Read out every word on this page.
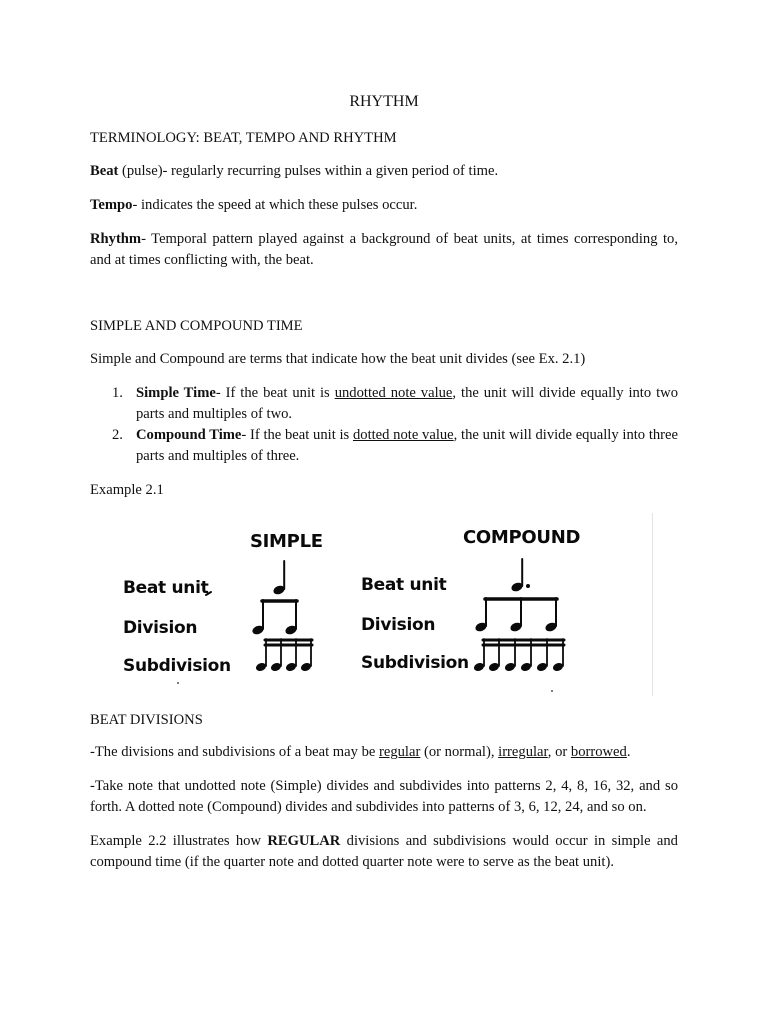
RHYTHM
TERMINOLOGY: BEAT, TEMPO AND RHYTHM
Beat (pulse)- regularly recurring pulses within a given period of time.
Tempo- indicates the speed at which these pulses occur.
Rhythm- Temporal pattern played against a background of beat units, at times corresponding to, and at times conflicting with, the beat.
SIMPLE AND COMPOUND TIME
Simple and Compound are terms that indicate how the beat unit divides (see Ex. 2.1)
1. Simple Time- If the beat unit is undotted note value, the unit will divide equally into two parts and multiples of two.
2. Compound Time- If the beat unit is dotted note value, the unit will divide equally into three parts and multiples of three.
Example 2.1
SIMPLE	COMPOUND
Beat unit
Division
Subdivision
Beat unit
Division
Subdivision
BEAT DIVISIONS
-The divisions and subdivisions of a beat may be regular (or normal), irregular, or borrowed.
-Take note that undotted note (Simple) divides and subdivides into patterns 2, 4, 8, 16, 32, and so forth. A dotted note (Compound) divides and subdivides into patterns of 3, 6, 12, 24, and so on.
Example 2.2 illustrates how REGULAR divisions and subdivisions would occur in simple and compound time (if the quarter note and dotted quarter note were to serve as the beat unit).
